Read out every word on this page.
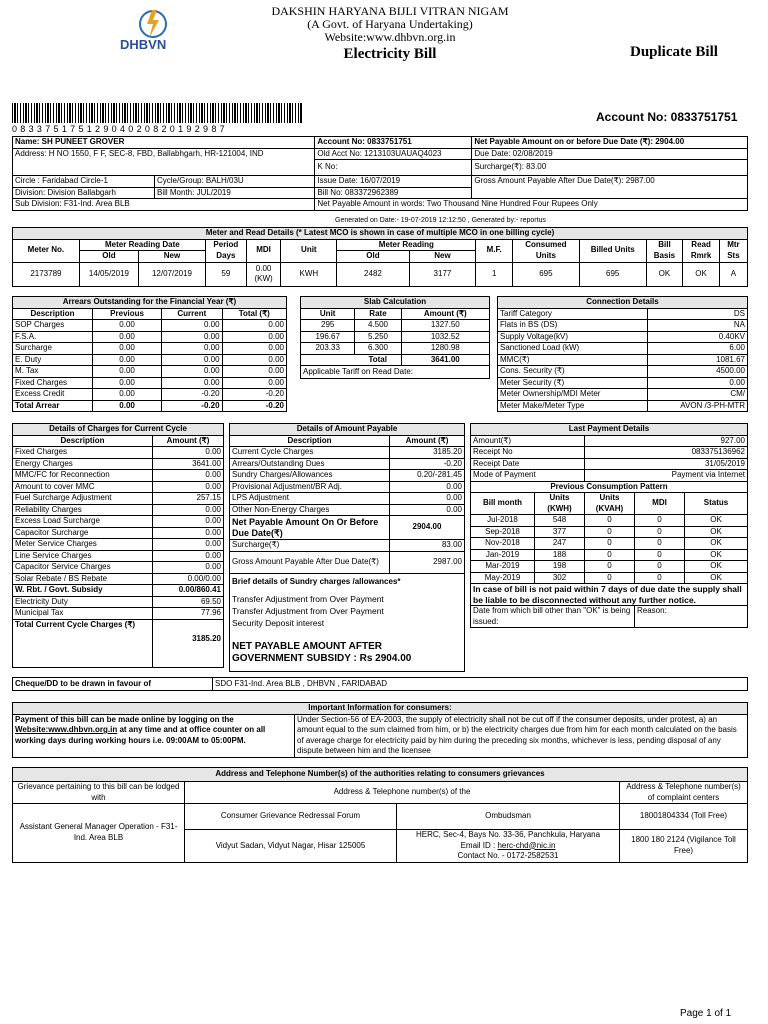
DHBVN
DAKSHIN HARYANA BIJLI VITRAN NIGAM
(A Govt. of Haryana Undertaking)
Website:www.dhbvn.org.in
Electricity Bill	Duplicate Bill
0 8 3 3 7 5 1 7 5 1 2 9 0 4 0 2 0 8 2 0 1 9 2 9 8 7
Account No: 0833751751
Name: SH PUNEET GROVER		Account No: 0833751751	Net Payable Amount on or before Due Date (₹): 2904.00
Address: H NO 1550, F F, SEC-8, FBD, Ballabhgarh, HR-121004, IND		Old Acct No: 1213103UAUAQ4023	Due Date: 02/08/2019
		K No:	Surcharge(₹): 83.00
Circle : Faridabad Circle-1	Cycle/Group: BALH/03U	Issue Date: 16/07/2019	Gross Amount Payable After Due Date(₹): 2987.00
Division: Division Ballabgarh	Bill Month: JUL/2019	Bill No: 083372962389	
Sub Division: F31-Ind. Area BLB		Net Payable Amount in words: Two Thousand Nine Hundred Four Rupees Only	
Generated on Date:- 19-07-2019 12:12:50 , Generated by:- reportus
Meter and Read Details (* Latest MCO is shown in case of multiple MCO in one billing cycle)													
Meter No.	Meter Reading Date		Period Days	MDI	Unit	Meter Reading		M.F.	Consumed Units	Billed Units	Bill Basis	Read Rmrk	Mtr Sts
	Old	New				Old	New						
2173789	14/05/2019	12/07/2019	59	0.00 (KW)	KWH	2482	3177	1	695	695	OK	OK	A
Arrears Outstanding for the Financial Year (₹)			
Description	Previous	Current	Total (₹)
SOP Charges	0.00	0.00	0.00
F.S.A.	0.00	0.00	0.00
Surcharge	0.00	0.00	0.00
E. Duty	0.00	0.00	0.00
M. Tax	0.00	0.00	0.00
Fixed Charges	0.00	0.00	0.00
Excess Credit	0.00	-0.20	-0.20
Total Arrear	0.00	-0.20	-0.20
Slab Calculation		
Unit	Rate	Amount (₹)
295	4.500	1327.50
196.67	5.250	1032.52
203.33	6.300	1280.98
	Total	3641.00
Applicable Tariff on Read Date:		
Connection Details	
Tariff Category	DS
Flats in BS (DS)	NA
Supply Voltage(kV)	0.40KV
Sanctioned Load (kW)	6.00
MMC(₹)	1081.67
Cons. Security (₹)	4500.00
Meter Security (₹)	0.00
Meter Ownership/MDI Meter	CM/
Meter Make/Meter Type	AVON /3-PH-MTR
Details of Charges for Current Cycle	
Description	Amount (₹)
Fixed Charges	0.00
Energy Charges	3641.00
MMC/FC for Reconnection	0.00
Amount to cover MMC	0.00
Fuel Surcharge Adjustment	257.15
Reliability Charges	0.00
Excess Load Surcharge	0.00
Capacitor Surcharge	0.00
Meter Service Charges	0.00
Line Service Charges	0.00
Capacitor Service Charges	0.00
Solar Rebate / BS Rebate	0.00/0.00
W. Rbt. / Govt. Subsidy	0.00/860.41
Electricity Duty	69.50
Municipal Tax	77.96
Total Current Cycle Charges (₹)	3185.20
Details of Amount Payable	
Description	Amount (₹)
Current Cycle Charges	3185.20
Arrears/Outstanding Dues	-0.20
Sundry Charges/Allowances	0.20/-281.45
Provisional Adjustment/BR Adj.	0.00
LPS Adjustment	0.00
Other Non-Energy Charges	0.00
Net Payable Amount On Or Before Due Date(₹)	2904.00
Surcharge(₹)	83.00
Gross Amount Payable After Due Date(₹)	2987.00

Brief details of Sundry charges /allowances*
Transfer Adjustment from Over Payment
Transfer Adjustment from Over Payment
Security Deposit interest
NET PAYABLE AMOUNT AFTER GOVERNMENT SUBSIDY : Rs 2904.00	
Last Payment Details				
Amount(₹)		927.00		
Receipt No		083375136962		
Receipt Date		31/05/2019		
Mode of Payment		Payment via Internet		
Previous Consumption Pattern				
Bill month	Units (KWH)	Units (KVAH)	MDI	Status
Jul-2018	548	0	0	OK
Sep-2018	377	0	0	OK
Nov-2018	247	0	0	OK
Jan-2019	188	0	0	OK
Mar-2019	198	0	0	OK
May-2019	302	0	0	OK
In case of bill is not paid within 7 days of due date the supply shall be liable to be disconnected without any further notice.				
Date from which bill other than "OK" is being issued:			Reason:	
Cheque/DD to be drawn in favour of	SDO F31-Ind. Area BLB , DHBVN , FARIDABAD
Important Information for consumers:
Payment of this bill can be made online by logging on the Website:www.dhbvn.org.in at any time and at office counter on all working days during working hours i.e. 09:00AM to 05:00PM.	Under Section-56 of EA-2003, the supply of electricity shall not be cut off if the consumer deposits, under protest, a) an amount equal to the sum claimed from him, or b) the electricity charges due from him for each month calculated on the basis of average charge for electricity paid by him during the preceding six months, whichever is less, pending disposal of any dispute between him and the licensee
Address and Telephone Number(s) of the authorities relating to consumers grievances			
Grievance pertaining to this bill can be lodged with	Address & Telephone number(s) of the		Address & Telephone number(s) of complaint centers
Assistant General Manager Operation - F31-Ind. Area BLB	Consumer Grievance Redressal Forum	Ombudsman	18001804334 (Toll Free)
	Vidyut Sadan, Vidyut Nagar, Hisar 125005	HERC, Sec-4, Bays No. 33-36, Panchkula, Haryana
Email ID : herc-chd@nic.in
Contact No. - 0172-2582531	1800 180 2124 (Vigilance Toll Free)
Page 1 of 1
